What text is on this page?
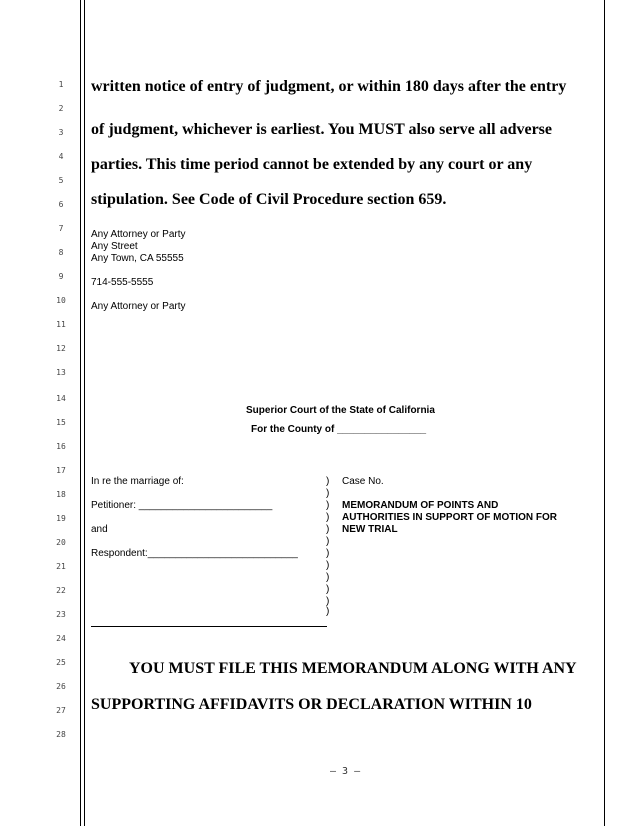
1
2
3
4
5
6
7
8
9
10
11
12
13
14
15
16
17
18
19
20
21
22
23
24
25
26
27
28
written notice of entry of judgment, or within 180 days after the entry
of judgment, whichever is earliest. You MUST also serve all adverse
parties. This time period cannot be extended by any court or any
stipulation. See Code of Civil Procedure section 659.
Any Attorney or Party
Any Street
Any Town, CA 55555
714-555-5555
Any Attorney or Party
Superior Court of the State of California
For the County of ________________
In re the marriage of:
Petitioner: ________________________
and
Respondent:___________________________
)
)
)
)
)
)
)
)
)
)
)
)
Case No.
MEMORANDUM OF POINTS AND
AUTHORITIES IN SUPPORT OF MOTION FOR
NEW TRIAL
YOU MUST FILE THIS MEMORANDUM ALONG WITH ANY
SUPPORTING AFFIDAVITS OR DECLARATION WITHIN 10
– 3 –
